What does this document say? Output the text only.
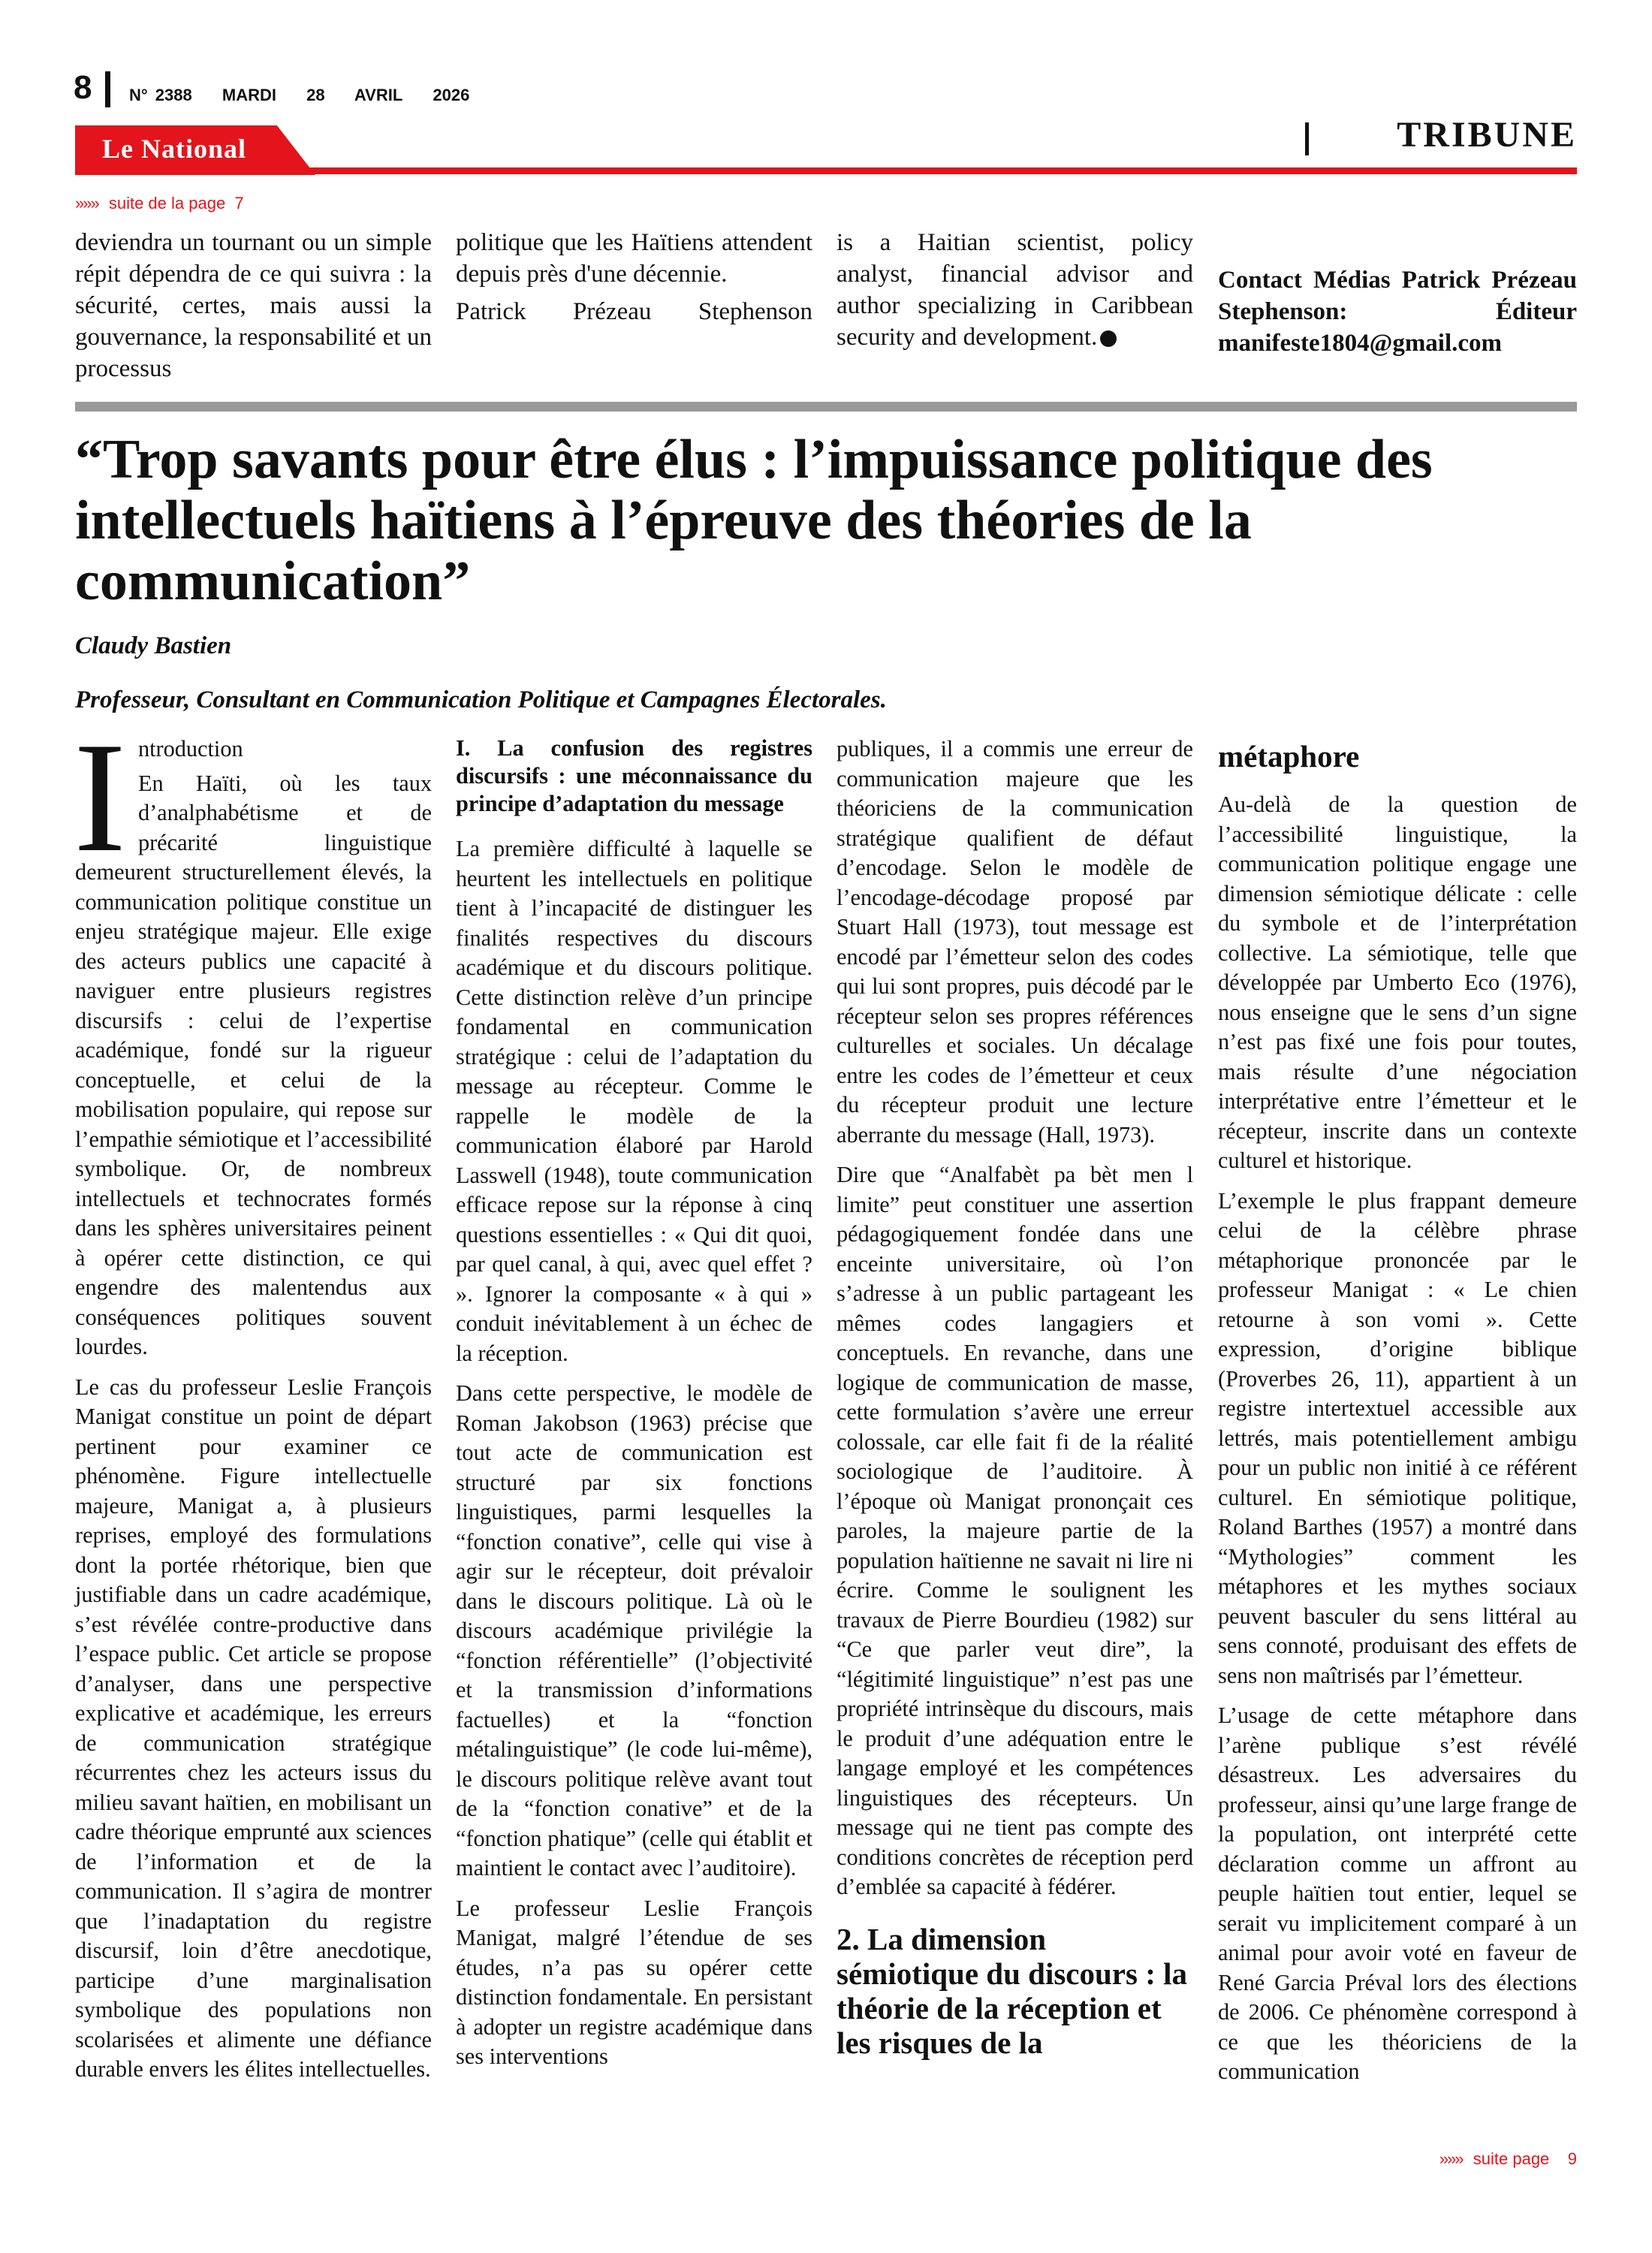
8 N° 2388 MARDI 28 AVRIL 2026
Le National	TRIBUNE
»»» suite de la page 7

deviendra un tournant ou un simple répit dépendra de ce qui suivra : la sécurité, certes, mais aussi la gouvernance, la responsabilité et un processus

politique que les Haïtiens attendent depuis près d'une décennie.

Patrick Prézeau Stephenson

is a Haitian scientist, policy analyst, financial advisor and author specializing in Caribbean security and development.

Contact Médias Patrick Prézeau Stephenson: Éditeur manifeste1804@gmail.com
“Trop savants pour être élus : l’impuissance politique des intellectuels haïtiens à l’épreuve des théories de la communication”
Claudy Bastien
Professeur, Consultant en Communication Politique et Campagnes Électorales.
I ntroduction

En Haïti, où les taux d’analphabétisme et de précarité linguistique demeurent structurellement élevés, la communication politique constitue un enjeu stratégique majeur. Elle exige des acteurs publics une capacité à naviguer entre plusieurs registres discursifs : celui de l’expertise académique, fondé sur la rigueur conceptuelle, et celui de la mobilisation populaire, qui repose sur l’empathie sémiotique et l’accessibilité symbolique. Or, de nombreux intellectuels et technocrates formés dans les sphères universitaires peinent à opérer cette distinction, ce qui engendre des malentendus aux conséquences politiques souvent lourdes.

Le cas du professeur Leslie François Manigat constitue un point de départ pertinent pour examiner ce phénomène. Figure intellectuelle majeure, Manigat a, à plusieurs reprises, employé des formulations dont la portée rhétorique, bien que justifiable dans un cadre académique, s’est révélée contre-productive dans l’espace public. Cet article se propose d’analyser, dans une perspective explicative et académique, les erreurs de communication stratégique récurrentes chez les acteurs issus du milieu savant haïtien, en mobilisant un cadre théorique emprunté aux sciences de l’information et de la communication. Il s’agira de montrer que l’inadaptation du registre discursif, loin d’être anecdotique, participe d’une marginalisation symbolique des populations non scolarisées et alimente une défiance durable envers les élites intellectuelles.

I. La confusion des registres discursifs : une méconnaissance du principe d’adaptation du message

La première difficulté à laquelle se heurtent les intellectuels en politique tient à l’incapacité de distinguer les finalités respectives du discours académique et du discours politique. Cette distinction relève d’un principe fondamental en communication stratégique : celui de l’adaptation du message au récepteur. Comme le rappelle le modèle de la communication élaboré par Harold Lasswell (1948), toute communication efficace repose sur la réponse à cinq questions essentielles : « Qui dit quoi, par quel canal, à qui, avec quel effet ? ». Ignorer la composante « à qui » conduit inévitablement à un échec de la réception.

Dans cette perspective, le modèle de Roman Jakobson (1963) précise que tout acte de communication est structuré par six fonctions linguistiques, parmi lesquelles la “fonction conative”, celle qui vise à agir sur le récepteur, doit prévaloir dans le discours politique. Là où le discours académique privilégie la “fonction référentielle” (l’objectivité et la transmission d’informations factuelles) et la “fonction métalinguistique” (le code lui-même), le discours politique relève avant tout de la “fonction conative” et de la “fonction phatique” (celle qui établit et maintient le contact avec l’auditoire).

Le professeur Leslie François Manigat, malgré l’étendue de ses études, n’a pas su opérer cette distinction fondamentale. En persistant à adopter un registre académique dans ses interventions

publiques, il a commis une erreur de communication majeure que les théoriciens de la communication stratégique qualifient de défaut d’encodage. Selon le modèle de l’encodage-décodage proposé par Stuart Hall (1973), tout message est encodé par l’émetteur selon des codes qui lui sont propres, puis décodé par le récepteur selon ses propres références culturelles et sociales. Un décalage entre les codes de l’émetteur et ceux du récepteur produit une lecture aberrante du message (Hall, 1973).

Dire que “Analfabèt pa bèt men l limite” peut constituer une assertion pédagogiquement fondée dans une enceinte universitaire, où l’on s’adresse à un public partageant les mêmes codes langagiers et conceptuels. En revanche, dans une logique de communication de masse, cette formulation s’avère une erreur colossale, car elle fait fi de la réalité sociologique de l’auditoire. À l’époque où Manigat prononçait ces paroles, la majeure partie de la population haïtienne ne savait ni lire ni écrire. Comme le soulignent les travaux de Pierre Bourdieu (1982) sur “Ce que parler veut dire”, la “légitimité linguistique” n’est pas une propriété intrinsèque du discours, mais le produit d’une adéquation entre le langage employé et les compétences linguistiques des récepteurs. Un message qui ne tient pas compte des conditions concrètes de réception perd d’emblée sa capacité à fédérer.

2. La dimension sémiotique du discours : la théorie de la réception et les risques de la

métaphore

Au-delà de la question de l’accessibilité linguistique, la communication politique engage une dimension sémiotique délicate : celle du symbole et de l’interprétation collective. La sémiotique, telle que développée par Umberto Eco (1976), nous enseigne que le sens d’un signe n’est pas fixé une fois pour toutes, mais résulte d’une négociation interprétative entre l’émetteur et le récepteur, inscrite dans un contexte culturel et historique.

L’exemple le plus frappant demeure celui de la célèbre phrase métaphorique prononcée par le professeur Manigat : « Le chien retourne à son vomi ». Cette expression, d’origine biblique (Proverbes 26, 11), appartient à un registre intertextuel accessible aux lettrés, mais potentiellement ambigu pour un public non initié à ce référent culturel. En sémiotique politique, Roland Barthes (1957) a montré dans “Mythologies” comment les métaphores et les mythes sociaux peuvent basculer du sens littéral au sens connoté, produisant des effets de sens non maîtrisés par l’émetteur.

L’usage de cette métaphore dans l’arène publique s’est révélé désastreux. Les adversaires du professeur, ainsi qu’une large frange de la population, ont interprété cette déclaration comme un affront au peuple haïtien tout entier, lequel se serait vu implicitement comparé à un animal pour avoir voté en faveur de René Garcia Préval lors des élections de 2006. Ce phénomène correspond à ce que les théoriciens de la communication

»»» suite page 9
